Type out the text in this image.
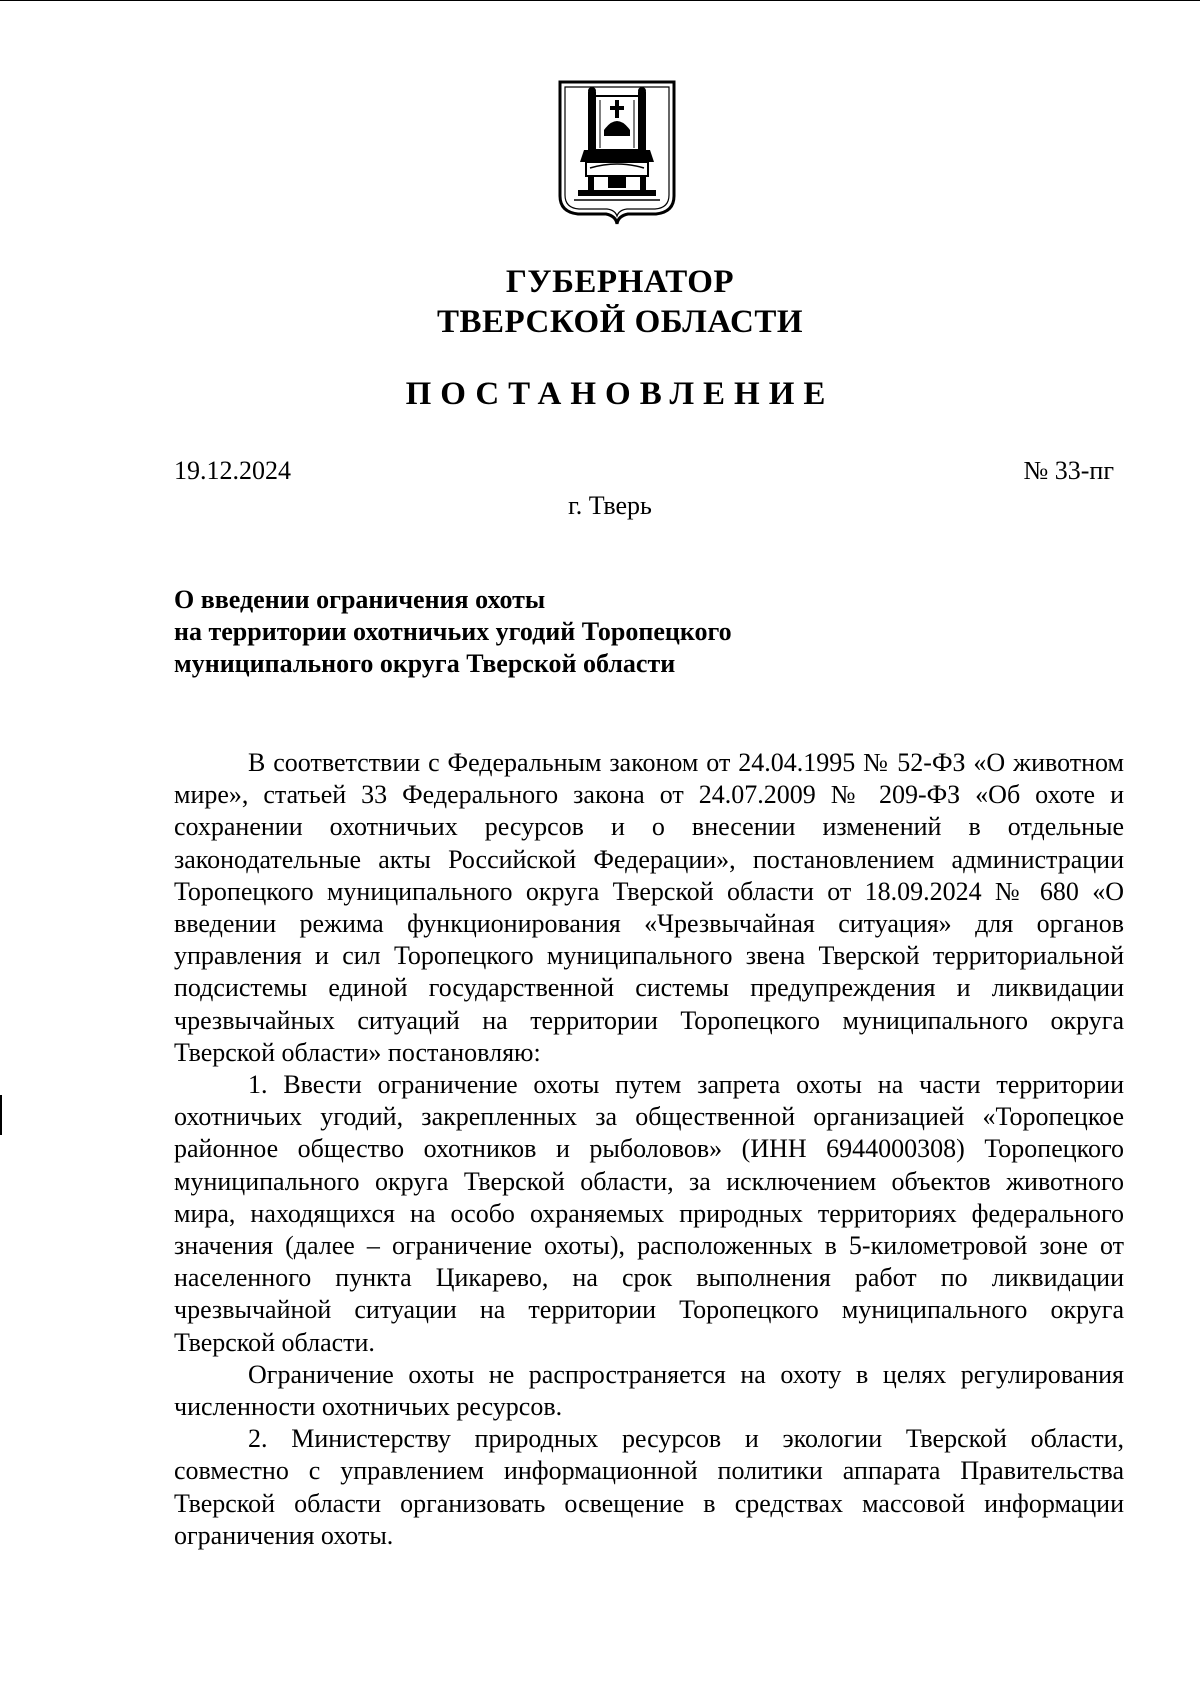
ГУБЕРНАТОР
ТВЕРСКОЙ ОБЛАСТИ
ПОСТАНОВЛЕНИЕ
19.12.2024	№ 33-пг
г. Тверь
О введении ограничения охоты
на территории охотничьих угодий Торопецкого
муниципального округа Тверской области

В соответствии с Федеральным законом от 24.04.1995 № 52-ФЗ «О животном мире», статьей 33 Федерального закона от 24.07.2009 № 209-ФЗ «Об охоте и сохранении охотничьих ресурсов и о внесении изменений в отдельные законодательные акты Российской Федерации», постановлением администрации Торопецкого муниципального округа Тверской области от 18.09.2024 № 680 «О введении режима функционирования «Чрезвычайная ситуация» для органов управления и сил Торопецкого муниципального звена Тверской территориальной подсистемы единой государственной системы предупреждения и ликвидации чрезвычайных ситуаций на территории Торопецкого муниципального округа Тверской области» постановляю:

1. Ввести ограничение охоты путем запрета охоты на части территории охотничьих угодий, закрепленных за общественной организацией «Торопецкое районное общество охотников и рыболовов» (ИНН 6944000308) Торопецкого муниципального округа Тверской области, за исключением объектов животного мира, находящихся на особо охраняемых природных территориях федерального значения (далее – ограничение охоты), расположенных в 5-километровой зоне от населенного пункта Цикарево, на срок выполнения работ по ликвидации чрезвычайной ситуации на территории Торопецкого муниципального округа Тверской области.

Ограничение охоты не распространяется на охоту в целях регулирования численности охотничьих ресурсов.

2. Министерству природных ресурсов и экологии Тверской области, совместно с управлением информационной политики аппарата Правительства Тверской области организовать освещение в средствах массовой информации ограничения охоты.
